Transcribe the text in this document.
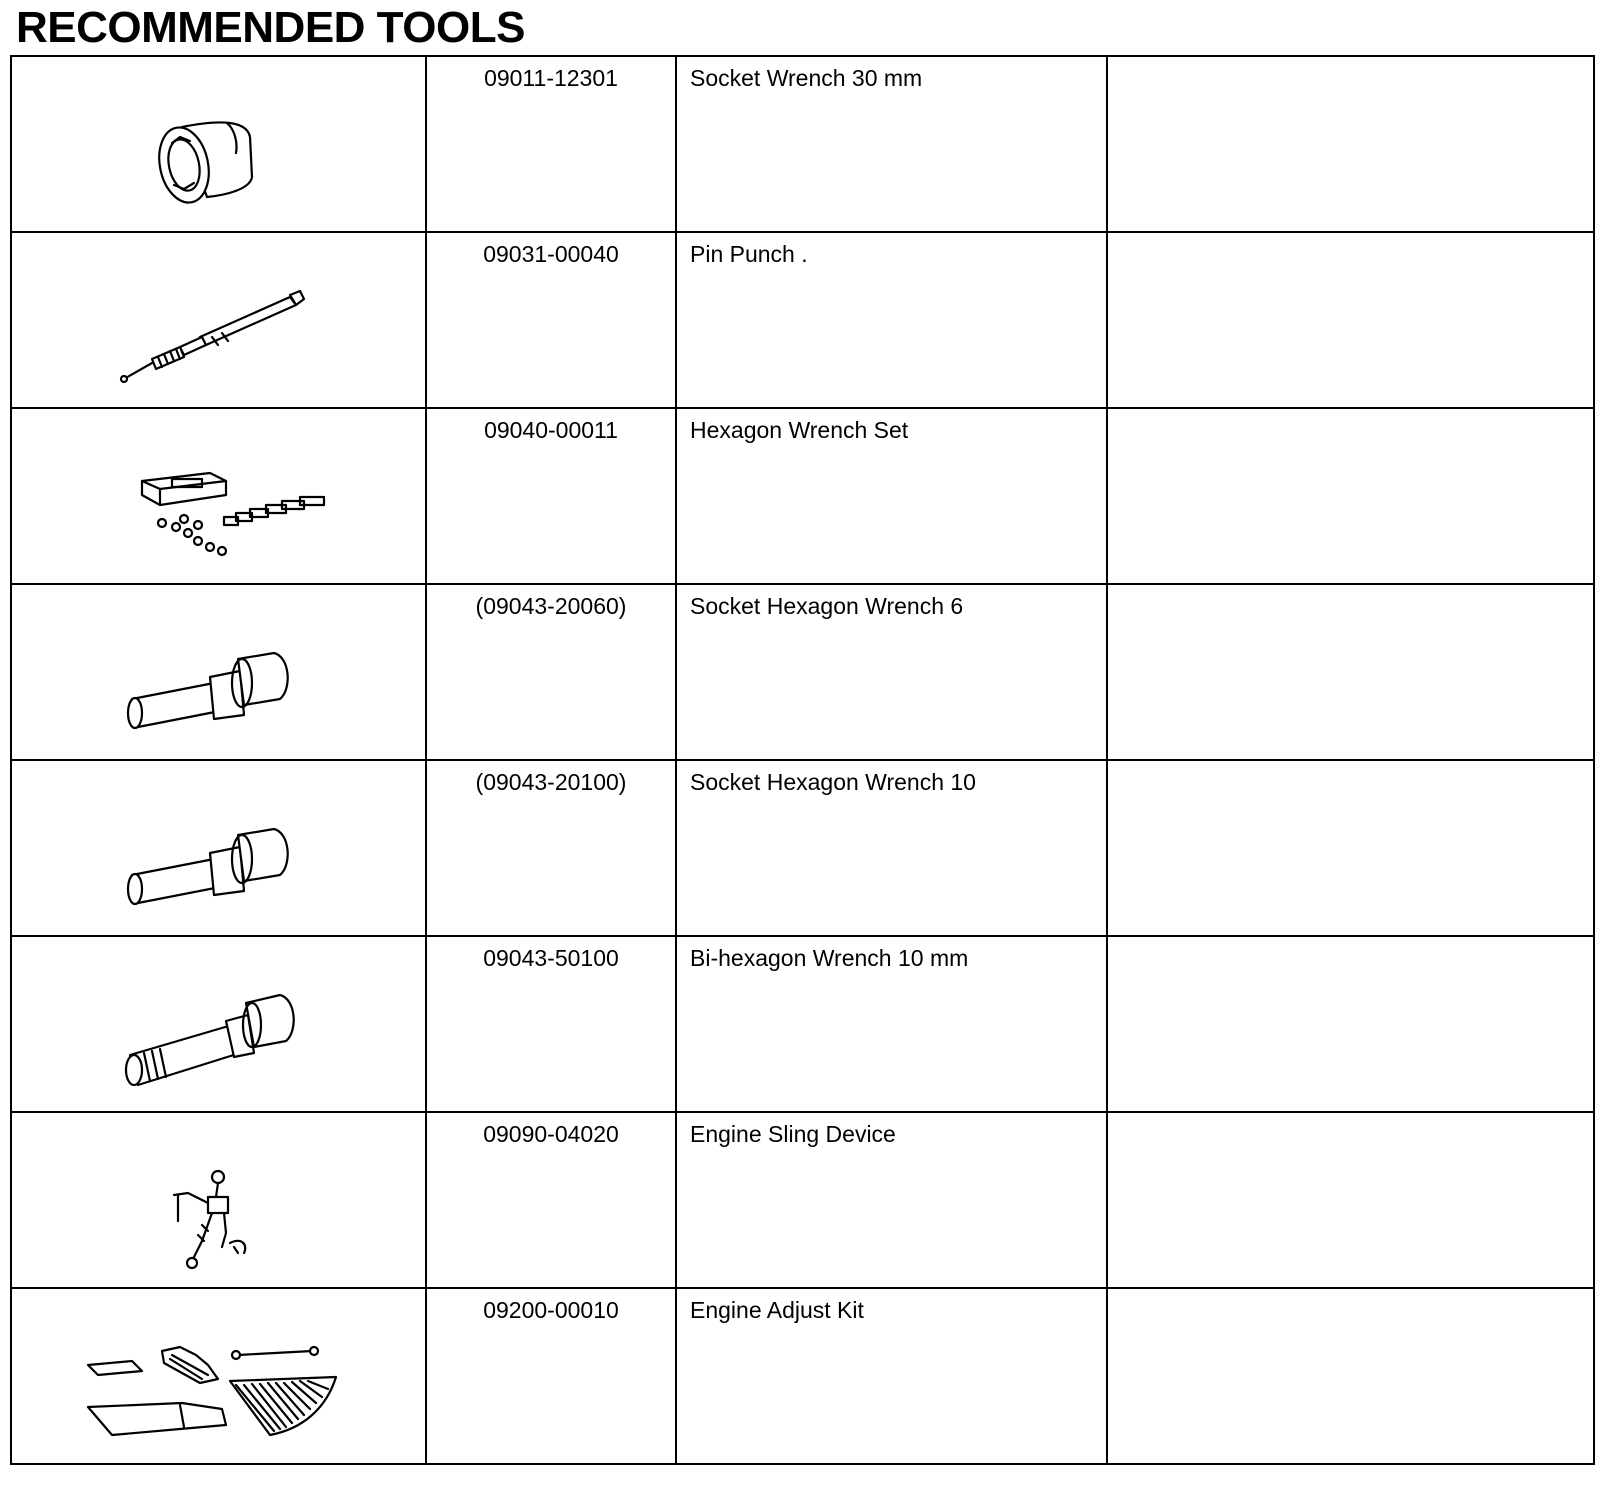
RECOMMENDED TOOLS
	09011-12301	Socket Wrench 30 mm	

	09031-00040	Pin Punch .	

	09040-00011	Hexagon Wrench Set	

	(09043-20060)	Socket Hexagon Wrench 6	

	(09043-20100)	Socket Hexagon Wrench 10	

	09043-50100	Bi-hexagon Wrench 10 mm	

	09090-04020	Engine Sling Device	

	09200-00010	Engine Adjust Kit	
